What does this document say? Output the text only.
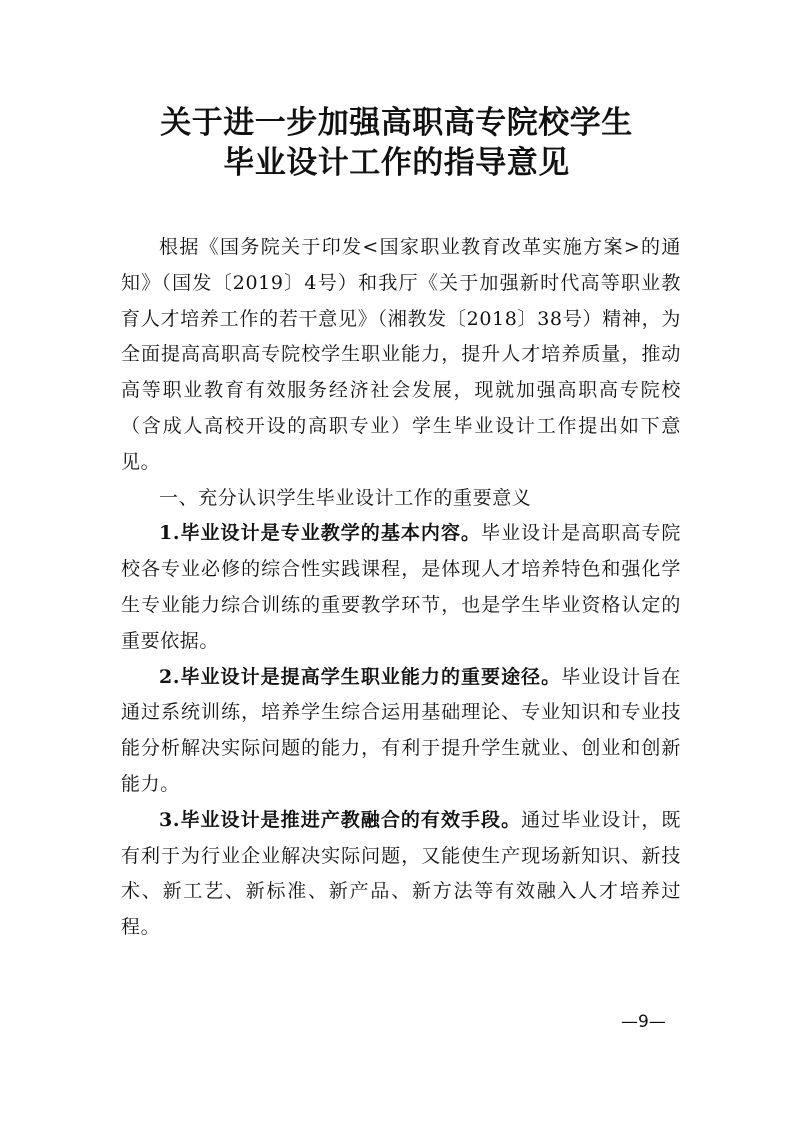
关于进一步加强高职高专院校学生
毕业设计工作的指导意见

根据《国务院关于印发<国家职业教育改革实施方案>的通知》（国发〔2019〕4号）和我厅《关于加强新时代高等职业教育人才培养工作的若干意见》（湘教发〔2018〕38号）精神，为全面提高高职高专院校学生职业能力，提升人才培养质量，推动高等职业教育有效服务经济社会发展，现就加强高职高专院校（含成人高校开设的高职专业）学生毕业设计工作提出如下意见。

一、充分认识学生毕业设计工作的重要意义

1.毕业设计是专业教学的基本内容。毕业设计是高职高专院校各专业必修的综合性实践课程，是体现人才培养特色和强化学生专业能力综合训练的重要教学环节，也是学生毕业资格认定的重要依据。

2.毕业设计是提高学生职业能力的重要途径。毕业设计旨在通过系统训练，培养学生综合运用基础理论、专业知识和专业技能分析解决实际问题的能力，有利于提升学生就业、创业和创新能力。

3.毕业设计是推进产教融合的有效手段。通过毕业设计，既有利于为行业企业解决实际问题，又能使生产现场新知识、新技术、新工艺、新标准、新产品、新方法等有效融入人才培养过程。

—9—
